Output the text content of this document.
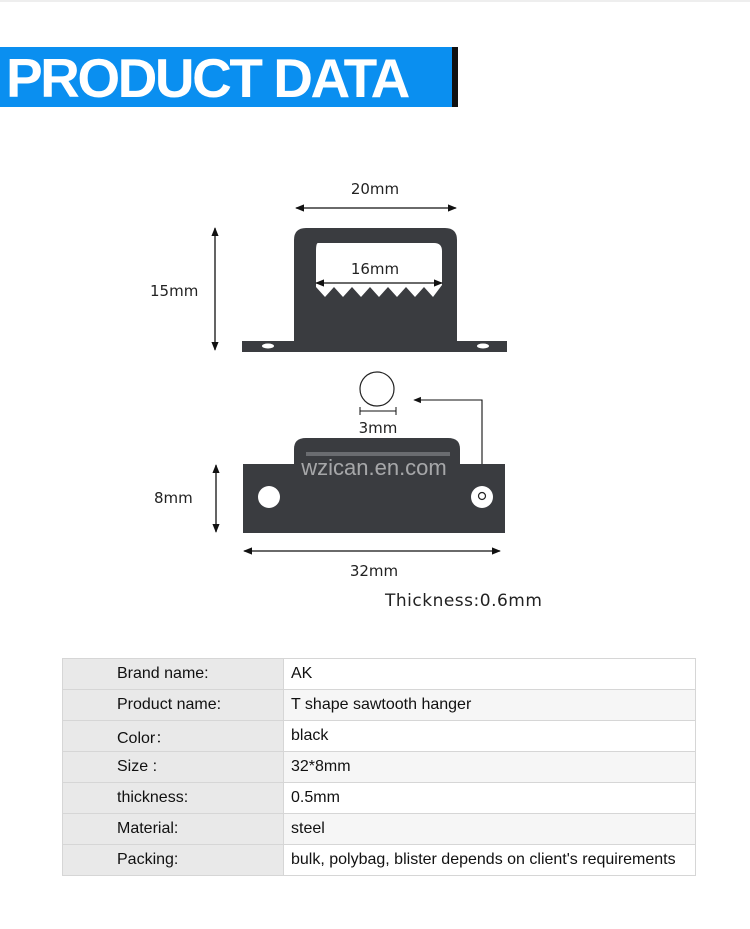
PRODUCT DATA
20mm
16mm
15mm
3mm
wzican.en.com
8mm
32mm
Thickness:0.6mm
Brand name:	AK
Product name:	T shape sawtooth hanger
Color：	black
Size :	32*8mm
thickness:	0.5mm
Material:	steel
Packing:	bulk, polybag, blister depends on client's requirements
